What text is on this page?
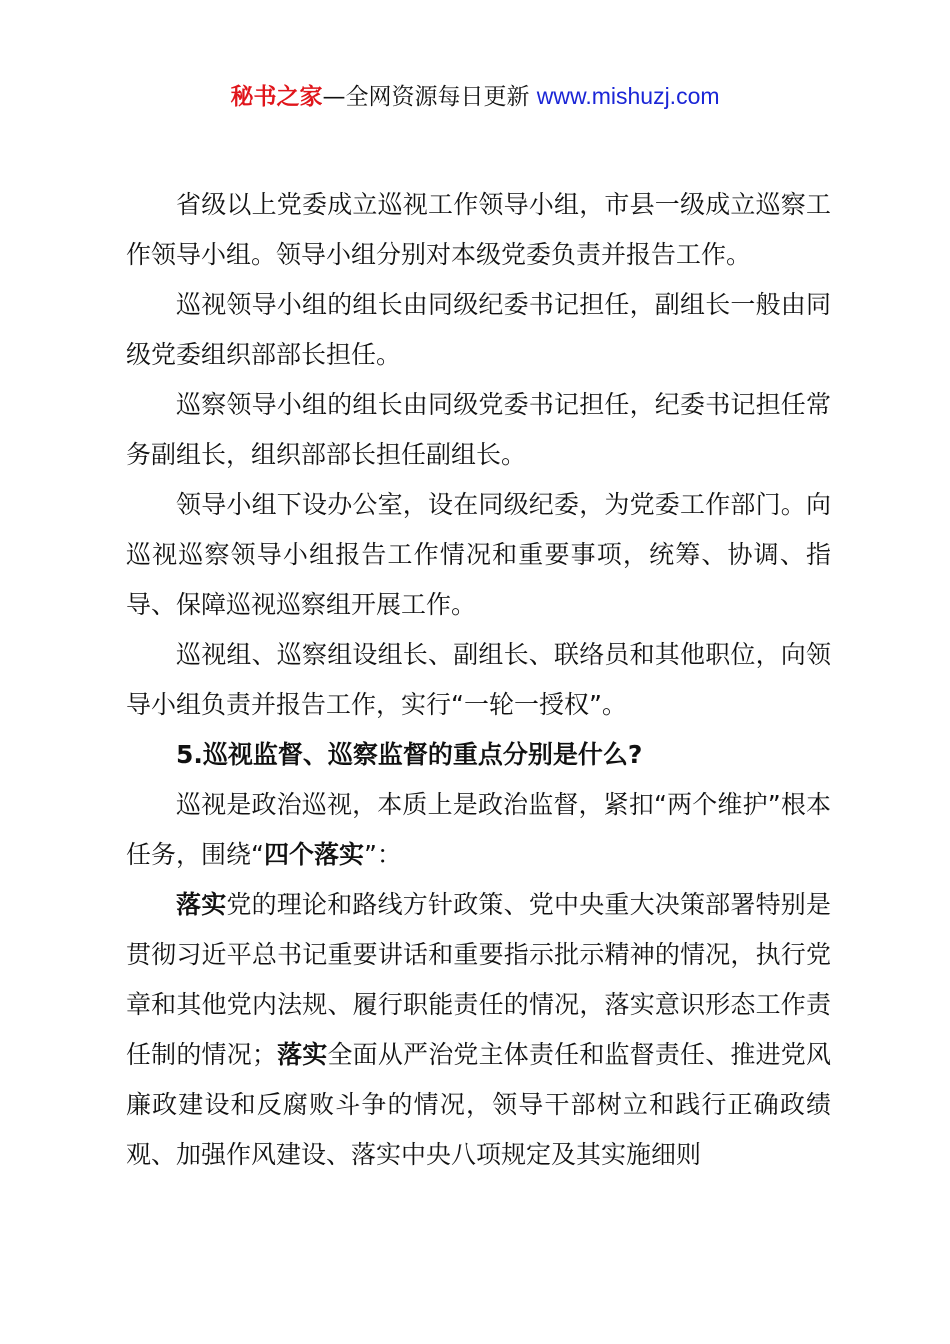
秘书之家—全网资源每日更新 www.mishuzj.com

省级以上党委成立巡视工作领导小组，市县一级成立巡察工作领导小组。领导小组分别对本级党委负责并报告工作。

巡视领导小组的组长由同级纪委书记担任，副组长一般由同级党委组织部部长担任。

巡察领导小组的组长由同级党委书记担任，纪委书记担任常务副组长，组织部部长担任副组长。

领导小组下设办公室，设在同级纪委，为党委工作部门。向巡视巡察领导小组报告工作情况和重要事项，统筹、协调、指导、保障巡视巡察组开展工作。

巡视组、巡察组设组长、副组长、联络员和其他职位，向领导小组负责并报告工作，实行“一轮一授权”。

5.巡视监督、巡察监督的重点分别是什么?

巡视是政治巡视，本质上是政治监督，紧扣“两个维护”根本任务，围绕“四个落实”：

落实党的理论和路线方针政策、党中央重大决策部署特别是贯彻习近平总书记重要讲话和重要指示批示精神的情况，执行党章和其他党内法规、履行职能责任的情况，落实意识形态工作责任制的情况；落实全面从严治党主体责任和监督责任、推进党风廉政建设和反腐败斗争的情况，领导干部树立和践行正确政绩观、加强作风建设、落实中央八项规定及其实施细则
